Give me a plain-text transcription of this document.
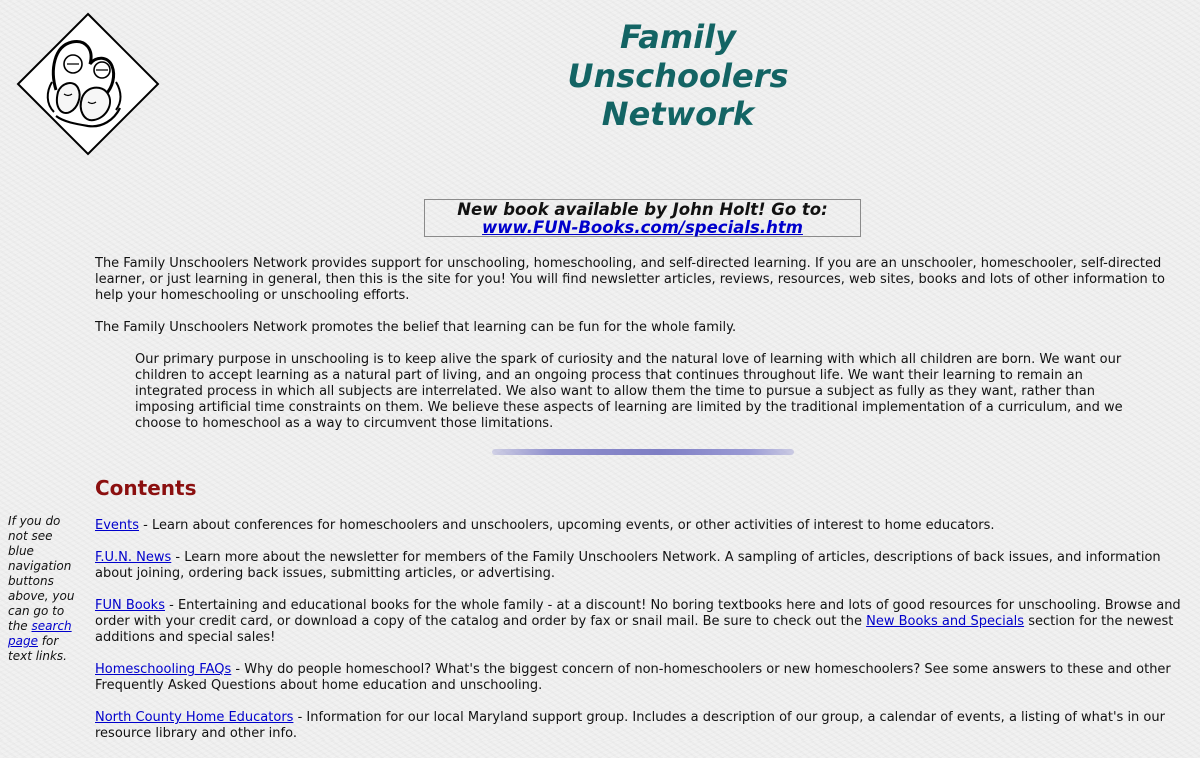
Family
Unschoolers
Network
New book available by John Holt! Go to:
www.FUN-Books.com/specials.htm

The Family Unschoolers Network provides support for unschooling, homeschooling, and self-directed learning. If you are an unschooler, homeschooler, self-directed learner, or just learning in general, then this is the site for you! You will find newsletter articles, reviews, resources, web sites, books and lots of other information to help your homeschooling or unschooling efforts.

The Family Unschoolers Network promotes the belief that learning can be fun for the whole family.

Our primary purpose in unschooling is to keep alive the spark of curiosity and the natural love of learning with which all children are born. We want our children to accept learning as a natural part of living, and an ongoing process that continues throughout life. We want their learning to remain an integrated process in which all subjects are interrelated. We also want to allow them the time to pursue a subject as fully as they want, rather than imposing artificial time constraints on them. We believe these aspects of learning are limited by the traditional implementation of a curriculum, and we choose to homeschool as a way to circumvent those limitations.

Contents
If you do not see blue navigation buttons above, you can go to the search page for text links.

Events - Learn about conferences for homeschoolers and unschoolers, upcoming events, or other activities of interest to home educators.

F.U.N. News - Learn more about the newsletter for members of the Family Unschoolers Network. A sampling of articles, descriptions of back issues, and information about joining, ordering back issues, submitting articles, or advertising.

FUN Books - Entertaining and educational books for the whole family - at a discount! No boring textbooks here and lots of good resources for unschooling. Browse and order with your credit card, or download a copy of the catalog and order by fax or snail mail. Be sure to check out the New Books and Specials section for the newest additions and special sales!

Homeschooling FAQs - Why do people homeschool? What's the biggest concern of non-homeschoolers or new homeschoolers? See some answers to these and other Frequently Asked Questions about home education and unschooling.

North County Home Educators - Information for our local Maryland support group. Includes a description of our group, a calendar of events, a listing of what's in our resource library and other info.
